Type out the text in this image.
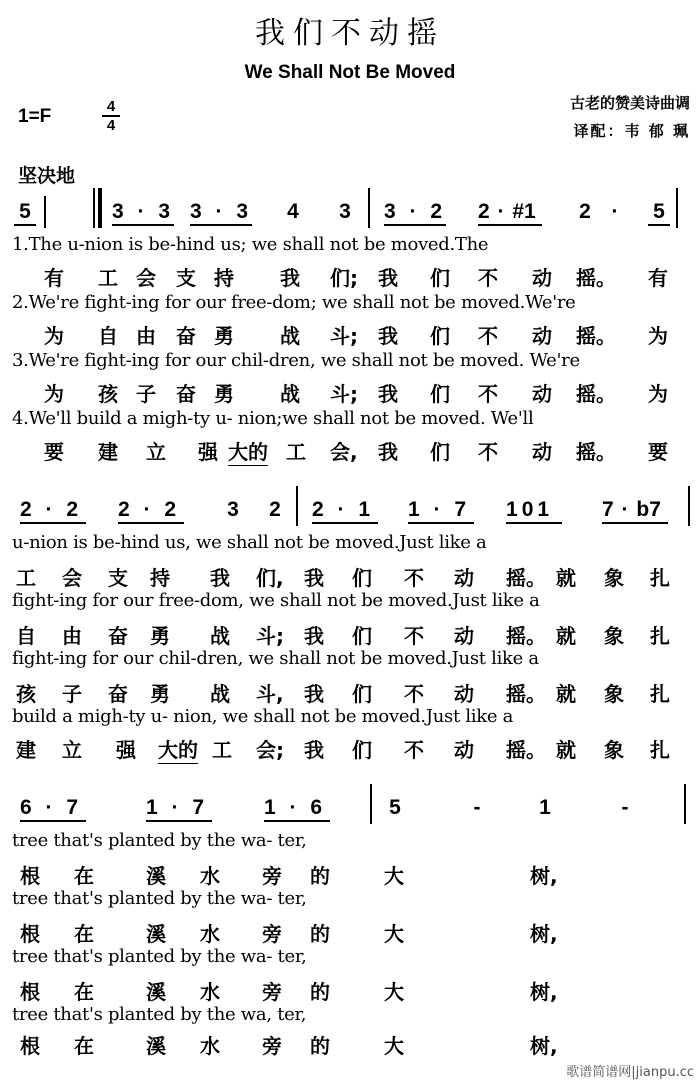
我们不动摇
We Shall Not Be Moved
1=F	4
4
古老的赞美诗曲调
译配：韦 郁 珮
坚决地
5	3 · 3 3 · 3 4 3 3 · 2 2 · #1 2 ·	5
1.The u-nion is be-hind us; we shall not be moved.The
2.We're fight-ing for our free-dom; we shall not be moved.We're
3.We're fight-ing for our chil-dren, we shall not be moved. We're
4.We'll build a migh-ty u- nion;we shall not be moved. We'll
有 工 会 支 持 我 们; 我 们 不 动 摇。 有
为 自 由 奋 勇 战 斗; 我 们 不 动 摇。 为
为 孩 子 奋 勇 战 斗; 我 们 不 动 摇。 为
要 建 立 强 大的 工 会, 我 们 不 动 摇。 要
2 · 2	2 · 2	3 2 2 · 1	1 · 7	101	7 · b7
u-nion is be-hind us, we shall not be moved.Just like a
fight-ing for our free-dom, we shall not be moved.Just like a
fight-ing for our chil-dren, we shall not be moved.Just like a
build a migh-ty u- nion, we shall not be moved.Just like a
工 会 支 持 我 们, 我 们 不 动 摇。 就 象 扎
自 由 奋 勇 战 斗; 我 们 不 动 摇。 就 象 扎
孩 子 奋 勇 战 斗, 我 们 不 动 摇。 就 象 扎
建 立 强 大的 工 会; 我 们 不 动 摇。 就 象 扎
6 · 7	1 · 7	1 · 6	5	-	1	-
tree that's planted by the wa- ter,
tree that's planted by the wa- ter,
tree that's planted by the wa- ter,
tree that's planted by the wa, ter,
根 在	溪 水 旁 的	大	树,
根 在	溪 水 旁 的	大	树,
根 在	溪 水 旁 的	大	树,
根 在	溪 水 旁 的	大	树,
歌谱简谱网|jianpu.cc
